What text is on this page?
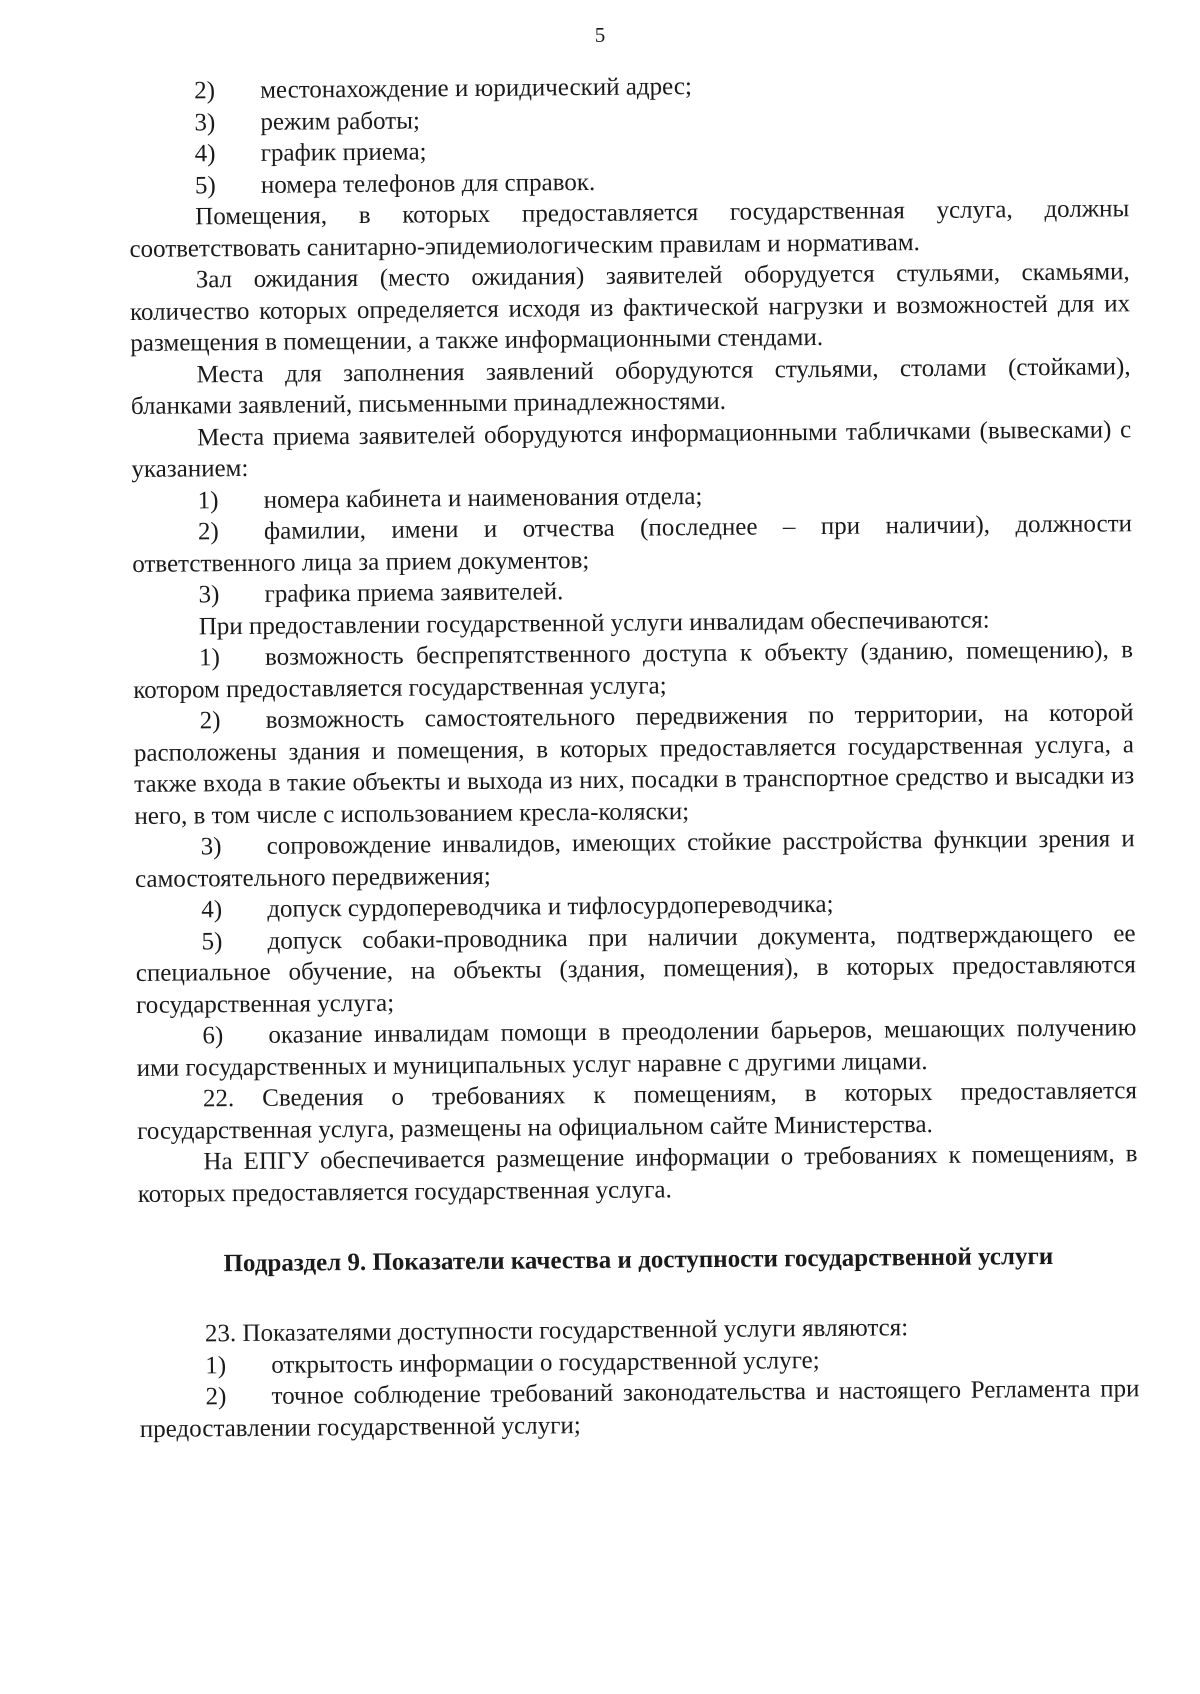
5

2) местонахождение и юридический адрес;

3) режим работы;

4) график приема;

5) номера телефонов для справок.

Помещения, в которых предоставляется государственная услуга, должны соответствовать санитарно-эпидемиологическим правилам и нормативам.

Зал ожидания (место ожидания) заявителей оборудуется стульями, скамьями, количество которых определяется исходя из фактической нагрузки и возможностей для их размещения в помещении, а также информационными стендами.

Места для заполнения заявлений оборудуются стульями, столами (стойками), бланками заявлений, письменными принадлежностями.

Места приема заявителей оборудуются информационными табличками (вывесками) с указанием:

1) номера кабинета и наименования отдела;

2) фамилии, имени и отчества (последнее – при наличии), должности ответственного лица за прием документов;

3) графика приема заявителей.

При предоставлении государственной услуги инвалидам обеспечиваются:

1) возможность беспрепятственного доступа к объекту (зданию, помещению), в котором предоставляется государственная услуга;

2) возможность самостоятельного передвижения по территории, на которой расположены здания и помещения, в которых предоставляется государственная услуга, а также входа в такие объекты и выхода из них, посадки в транспортное средство и высадки из него, в том числе с использованием кресла-коляски;

3) сопровождение инвалидов, имеющих стойкие расстройства функции зрения и самостоятельного передвижения;

4) допуск сурдопереводчика и тифлосурдопереводчика;

5) допуск собаки-проводника при наличии документа, подтверждающего ее специальное обучение, на объекты (здания, помещения), в которых предоставляются государственная услуга;

6) оказание инвалидам помощи в преодолении барьеров, мешающих получению ими государственных и муниципальных услуг наравне с другими лицами.

22. Сведения о требованиях к помещениям, в которых предоставляется государственная услуга, размещены на официальном сайте Министерства.

На ЕПГУ обеспечивается размещение информации о требованиях к помещениям, в которых предоставляется государственная услуга.

Подраздел 9. Показатели качества и доступности государственной услуги

23. Показателями доступности государственной услуги являются:

1) открытость информации о государственной услуге;

2) точное соблюдение требований законодательства и настоящего Регламента при предоставлении государственной услуги;
